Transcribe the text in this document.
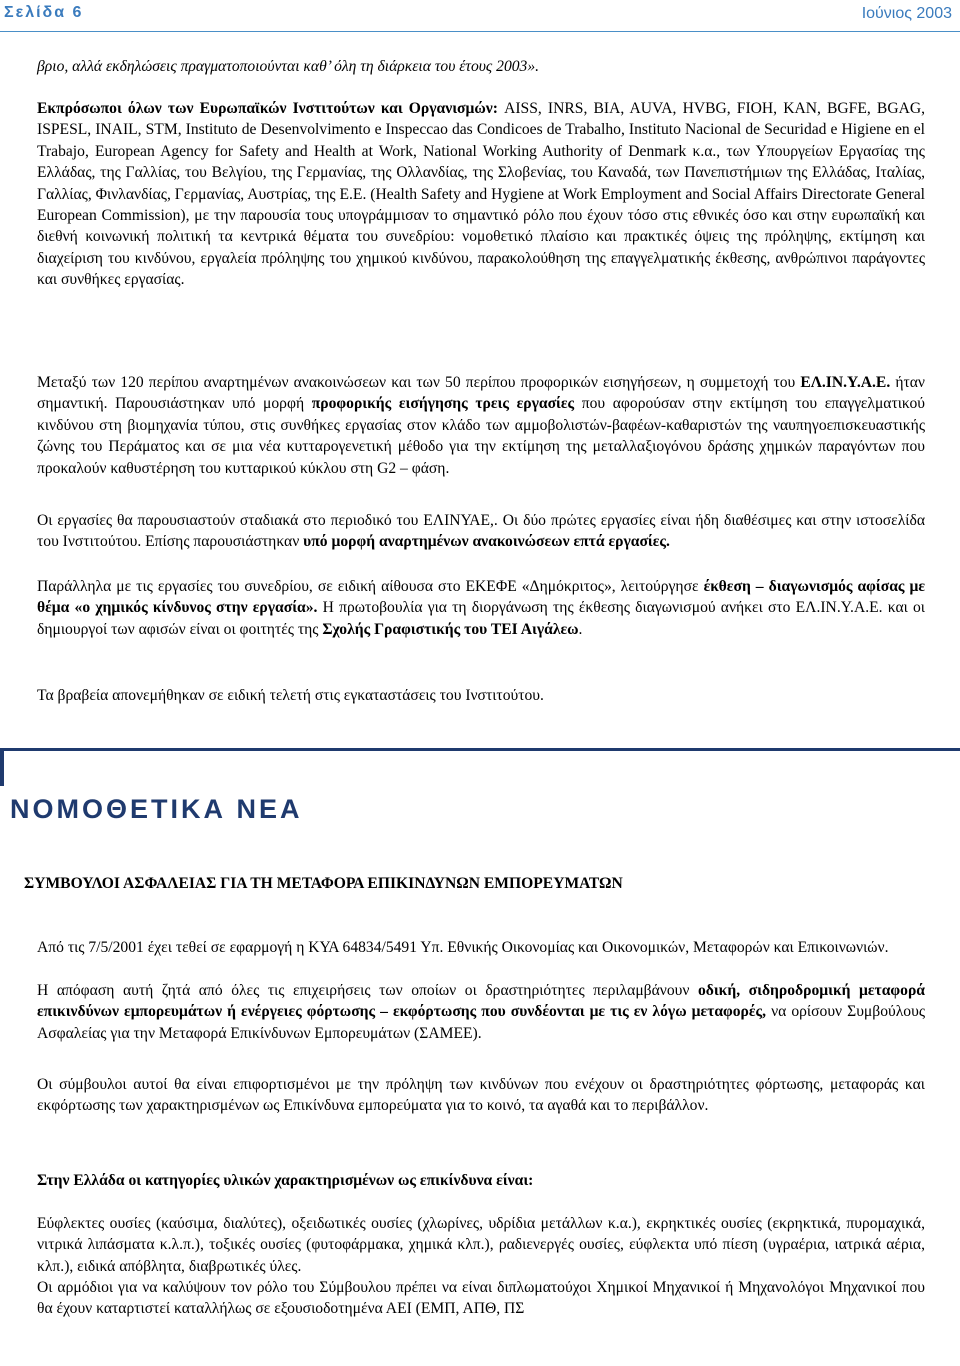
Σελίδα 6	Ιούνιος 2003
βριο, αλλά εκδηλώσεις πραγματοποιούνται καθ’ όλη τη διάρκεια του έτους 2003».
Εκπρόσωποι όλων των Ευρωπαϊκών Ινστιτούτων και Οργανισμών: AISS, INRS, BIA, AUVA, HVBG, FIOH, KAN, BGFE, BGAG, ISPESL, INAIL, STM, Instituto de Desenvolvimento e Inspeccao das Condicoes de Trabalho, Instituto Nacional de Securidad e Higiene en el Trabajo, European Agency for Safety and Health at Work, National Working Authority of Denmark κ.α., των Υπουργείων Εργασίας της Ελλάδας, της Γαλλίας, του Βελγίου, της Γερμανίας, της Ολλανδίας, της Σλοβενίας, του Καναδά, των Πανεπιστήμιων της Ελλάδας, Ιταλίας, Γαλλίας, Φινλανδίας, Γερμανίας, Αυστρίας, της Ε.Ε. (Health Safety and Hygiene at Work Employment and Social Affairs Directorate General European Commission), με την παρουσία τους υπογράμμισαν το σημαντικό ρόλο που έχουν τόσο στις εθνικές όσο και στην ευρωπαϊκή και διεθνή κοινωνική πολιτική τα κεντρικά θέματα του συνεδρίου: νομοθετικό πλαίσιο και πρακτικές όψεις της πρόληψης, εκτίμηση και διαχείριση του κινδύνου, εργαλεία πρόληψης του χημικού κινδύνου, παρακολούθηση της επαγγελματικής έκθεσης, ανθρώπινοι παράγοντες και συνθήκες εργασίας.
Μεταξύ των 120 περίπου αναρτημένων ανακοινώσεων και των 50 περίπου προφορικών εισηγήσεων, η συμμετοχή του ΕΛ.ΙΝ.Υ.Α.Ε. ήταν σημαντική. Παρουσιάστηκαν υπό μορφή προφορικής εισήγησης τρεις εργασίες που αφορούσαν στην εκτίμηση του επαγγελματικού κινδύνου στη βιομηχανία τύπου, στις συνθήκες εργασίας στον κλάδο των αμμοβολιστών-βαφέων-καθαριστών της ναυπηγοεπισκευαστικής ζώνης του Περάματος και σε μια νέα κυτταρογενετική μέθοδο για την εκτίμηση της μεταλλαξιογόνου δράσης χημικών παραγόντων που προκαλούν καθυστέρηση του κυτταρικού κύκλου στη G2 – φάση.
Οι εργασίες θα παρουσιαστούν σταδιακά στο περιοδικό του ΕΛΙΝΥΑΕ,. Οι δύο πρώτες εργασίες είναι ήδη διαθέσιμες και στην ιστοσελίδα του Ινστιτούτου. Επίσης παρουσιάστηκαν υπό μορφή αναρτημένων ανακοινώσεων επτά εργασίες.
Παράλληλα με τις εργασίες του συνεδρίου, σε ειδική αίθουσα στο ΕΚΕΦΕ «Δημόκριτος», λειτούργησε έκθεση – διαγωνισμός αφίσας με θέμα «ο χημικός κίνδυνος στην εργασία». Η πρωτοβουλία για τη διοργάνωση της έκθεσης διαγωνισμού ανήκει στο ΕΛ.ΙΝ.Υ.Α.Ε. και οι δημιουργοί των αφισών είναι οι φοιτητές της Σχολής Γραφιστικής του ΤΕΙ Αιγάλεω.
Τα βραβεία απονεμήθηκαν σε ειδική τελετή στις εγκαταστάσεις του Ινστιτούτου.
ΝΟΜΟΘΕΤΙΚΑ ΝΕΑ
ΣΥΜΒΟΥΛΟΙ ΑΣΦΑΛΕΙΑΣ ΓΙΑ ΤΗ ΜΕΤΑΦΟΡΑ ΕΠΙΚΙΝΔΥΝΩΝ ΕΜΠΟΡΕΥΜΑΤΩΝ
Από τις 7/5/2001 έχει τεθεί σε εφαρμογή η ΚΥΑ 64834/5491 Υπ. Εθνικής Οικονομίας και Οικονομικών, Μεταφορών και Επικοινωνιών.
Η απόφαση αυτή ζητά από όλες τις επιχειρήσεις των οποίων οι δραστηριότητες περιλαμβάνουν οδική, σιδηροδρομική μεταφορά επικινδύνων εμπορευμάτων ή ενέργειες φόρτωσης – εκφόρτωσης που συνδέονται με τις εν λόγω μεταφορές, να ορίσουν Συμβούλους Ασφαλείας για την Μεταφορά Επικίνδυνων Εμπορευμάτων (ΣΑΜΕΕ).
Οι σύμβουλοι αυτοί θα είναι επιφορτισμένοι με την πρόληψη των κινδύνων που ενέχουν οι δραστηριότητες φόρτωσης, μεταφοράς και εκφόρτωσης των χαρακτηρισμένων ως Επικίνδυνα εμπορεύματα για το κοινό, τα αγαθά και το περιβάλλον.
Στην Ελλάδα οι κατηγορίες υλικών χαρακτηρισμένων ως επικίνδυνα είναι:
Εύφλεκτες ουσίες (καύσιμα, διαλύτες), οξειδωτικές ουσίες (χλωρίνες, υδρίδια μετάλλων κ.α.), εκρηκτικές ουσίες (εκρηκτικά, πυρομαχικά, νιτρικά λιπάσματα κ.λ.π.), τοξικές ουσίες (φυτοφάρμακα, χημικά κλπ.), ραδιενεργές ουσίες, εύφλεκτα υπό πίεση (υγραέρια, ιατρικά αέρια, κλπ.), ειδικά απόβλητα, διαβρωτικές ύλες.
Οι αρμόδιοι για να καλύψουν τον ρόλο του Σύμβουλου πρέπει να είναι διπλωματούχοι Χημικοί Μηχανικοί ή Μηχανολόγοι Μηχανικοί που θα έχουν καταρτιστεί καταλλήλως σε εξουσιοδοτημένα ΑΕΙ (ΕΜΠ, ΑΠΘ, ΠΣ
